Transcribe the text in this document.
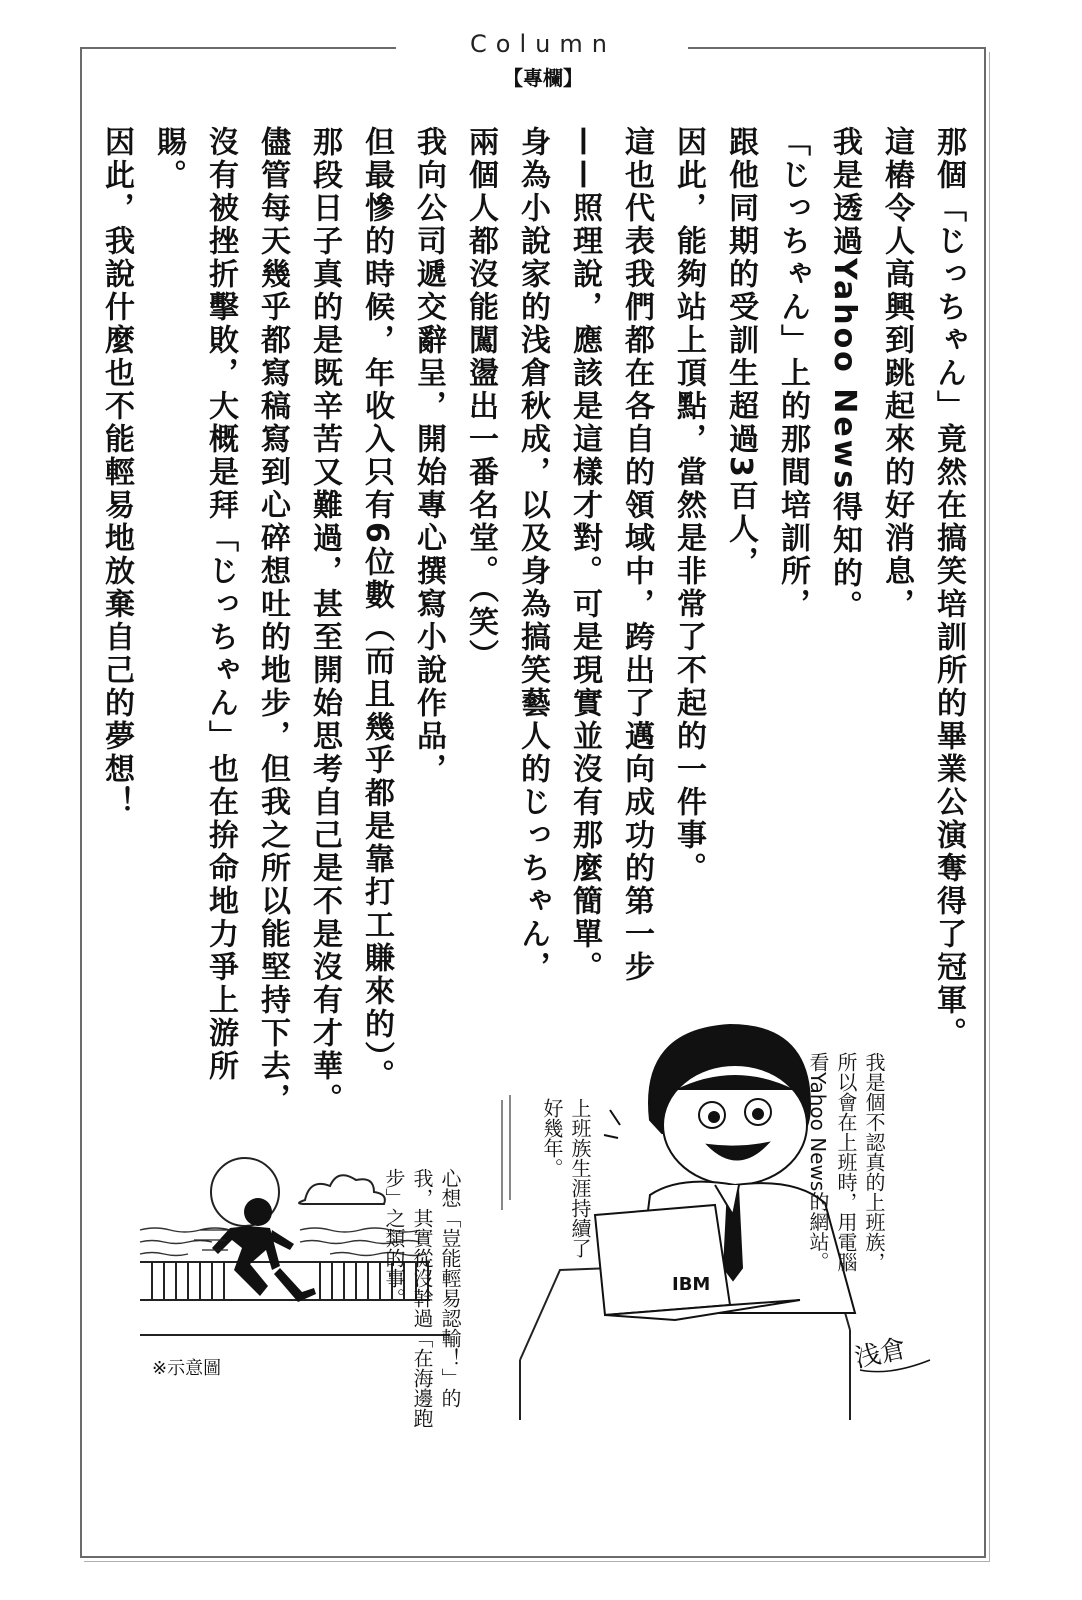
Column
【專欄】

那個「じっちゃん」竟然在搞笑培訓所的畢業公演奪得了冠軍。

這樁令人高興到跳起來的好消息，

我是透過Yahoo News得知的。

「じっちゃん」上的那間培訓所，

跟他同期的受訓生超過3百人，

因此，能夠站上頂點，當然是非常了不起的一件事。

這也代表我們都在各自的領域中，跨出了邁向成功的第一步

——照理說，應該是這樣才對。可是現實並沒有那麼簡單。

身為小說家的浅倉秋成，以及身為搞笑藝人的じっちゃん，

兩個人都沒能闖盪出一番名堂。（笑）

我向公司遞交辭呈，開始專心撰寫小說作品，

但最慘的時候，年收入只有6位數（而且幾乎都是靠打工賺來的）。

那段日子真的是既辛苦又難過，甚至開始思考自己是不是沒有才華。

儘管每天幾乎都寫稿寫到心碎想吐的地步，但我之所以能堅持下去，

沒有被挫折擊敗，大概是拜「じっちゃん」也在拚命地力爭上游所賜。

因此，我說什麼也不能輕易地放棄自己的夢想！

IBM
我是個不認真的上班族，所以會在上班時，用電腦看Yahoo News的網站。
上班族生涯持續了好幾年。
心想「豈能輕易認輸！」的我，其實從沒幹過「在海邊跑步」之類的事。
※示意圖	浅倉
